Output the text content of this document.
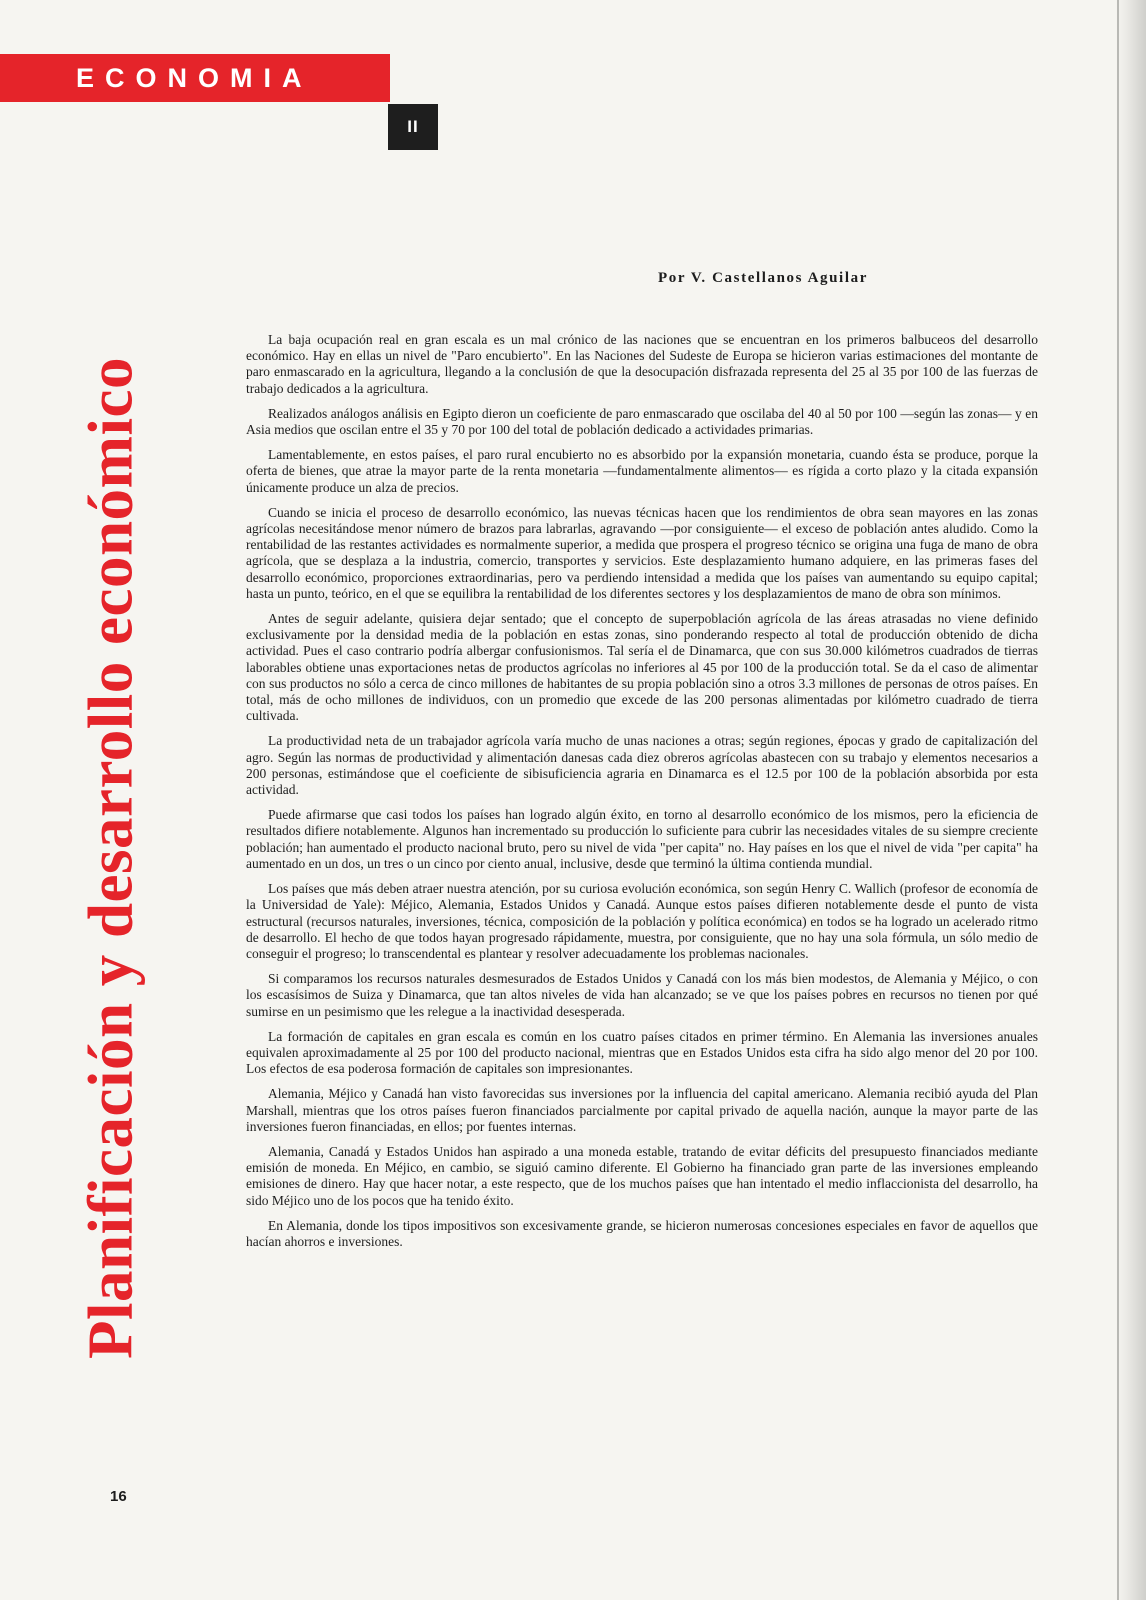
ECONOMIA
II
Planificación y desarrollo económico
Por V. Castellanos Aguilar

La baja ocupación real en gran escala es un mal crónico de las naciones que se encuentran en los primeros balbuceos del desarrollo económico. Hay en ellas un nivel de "Paro encubierto". En las Naciones del Sudeste de Europa se hicieron varias estimaciones del montante de paro enmascarado en la agricultura, llegando a la conclusión de que la desocupación disfrazada representa del 25 al 35 por 100 de las fuerzas de trabajo dedicados a la agricultura.

Realizados análogos análisis en Egipto dieron un coeficiente de paro enmascarado que oscilaba del 40 al 50 por 100 —según las zonas— y en Asia medios que oscilan entre el 35 y 70 por 100 del total de población dedicado a actividades primarias.

Lamentablemente, en estos países, el paro rural encubierto no es absorbido por la expansión monetaria, cuando ésta se produce, porque la oferta de bienes, que atrae la mayor parte de la renta monetaria —fundamentalmente alimentos— es rígida a corto plazo y la citada expansión únicamente produce un alza de precios.

Cuando se inicia el proceso de desarrollo económico, las nuevas técnicas hacen que los rendimientos de obra sean mayores en las zonas agrícolas necesitándose menor número de brazos para labrarlas, agravando —por consiguiente— el exceso de población antes aludido. Como la rentabilidad de las restantes actividades es normalmente superior, a medida que prospera el progreso técnico se origina una fuga de mano de obra agrícola, que se desplaza a la industria, comercio, transportes y servicios. Este desplazamiento humano adquiere, en las primeras fases del desarrollo económico, proporciones extraordinarias, pero va perdiendo intensidad a medida que los países van aumentando su equipo capital; hasta un punto, teórico, en el que se equilibra la rentabilidad de los diferentes sectores y los desplazamientos de mano de obra son mínimos.

Antes de seguir adelante, quisiera dejar sentado; que el concepto de superpoblación agrícola de las áreas atrasadas no viene definido exclusivamente por la densidad media de la población en estas zonas, sino ponderando respecto al total de producción obtenido de dicha actividad. Pues el caso contrario podría albergar confusionismos. Tal sería el de Dinamarca, que con sus 30.000 kilómetros cuadrados de tierras laborables obtiene unas exportaciones netas de productos agrícolas no inferiores al 45 por 100 de la producción total. Se da el caso de alimentar con sus productos no sólo a cerca de cinco millones de habitantes de su propia población sino a otros 3.3 millones de personas de otros países. En total, más de ocho millones de individuos, con un promedio que excede de las 200 personas alimentadas por kilómetro cuadrado de tierra cultivada.

La productividad neta de un trabajador agrícola varía mucho de unas naciones a otras; según regiones, épocas y grado de capitalización del agro. Según las normas de productividad y alimentación danesas cada diez obreros agrícolas abastecen con su trabajo y elementos necesarios a 200 personas, estimándose que el coeficiente de sibisuficiencia agraria en Dinamarca es el 12.5 por 100 de la población absorbida por esta actividad.

Puede afirmarse que casi todos los países han logrado algún éxito, en torno al desarrollo económico de los mismos, pero la eficiencia de resultados difiere notablemente. Algunos han incrementado su producción lo suficiente para cubrir las necesidades vitales de su siempre creciente población; han aumentado el producto nacional bruto, pero su nivel de vida "per capita" no. Hay países en los que el nivel de vida "per capita" ha aumentado en un dos, un tres o un cinco por ciento anual, inclusive, desde que terminó la última contienda mundial.

Los países que más deben atraer nuestra atención, por su curiosa evolución económica, son según Henry C. Wallich (profesor de economía de la Universidad de Yale): Méjico, Alemania, Estados Unidos y Canadá. Aunque estos países difieren notablemente desde el punto de vista estructural (recursos naturales, inversiones, técnica, composición de la población y política económica) en todos se ha logrado un acelerado ritmo de desarrollo. El hecho de que todos hayan progresado rápidamente, muestra, por consiguiente, que no hay una sola fórmula, un sólo medio de conseguir el progreso; lo transcendental es plantear y resolver adecuadamente los problemas nacionales.

Si comparamos los recursos naturales desmesurados de Estados Unidos y Canadá con los más bien modestos, de Alemania y Méjico, o con los escasísimos de Suiza y Dinamarca, que tan altos niveles de vida han alcanzado; se ve que los países pobres en recursos no tienen por qué sumirse en un pesimismo que les relegue a la inactividad desesperada.

La formación de capitales en gran escala es común en los cuatro países citados en primer término. En Alemania las inversiones anuales equivalen aproximadamente al 25 por 100 del producto nacional, mientras que en Estados Unidos esta cifra ha sido algo menor del 20 por 100. Los efectos de esa poderosa formación de capitales son impresionantes.

Alemania, Méjico y Canadá han visto favorecidas sus inversiones por la influencia del capital americano. Alemania recibió ayuda del Plan Marshall, mientras que los otros países fueron financiados parcialmente por capital privado de aquella nación, aunque la mayor parte de las inversiones fueron financiadas, en ellos; por fuentes internas.

Alemania, Canadá y Estados Unidos han aspirado a una moneda estable, tratando de evitar déficits del presupuesto financiados mediante emisión de moneda. En Méjico, en cambio, se siguió camino diferente. El Gobierno ha financiado gran parte de las inversiones empleando emisiones de dinero. Hay que hacer notar, a este respecto, que de los muchos países que han intentado el medio inflaccionista del desarrollo, ha sido Méjico uno de los pocos que ha tenido éxito.

En Alemania, donde los tipos impositivos son excesivamente grande, se hicieron numerosas concesiones especiales en favor de aquellos que hacían ahorros e inversiones.

16
